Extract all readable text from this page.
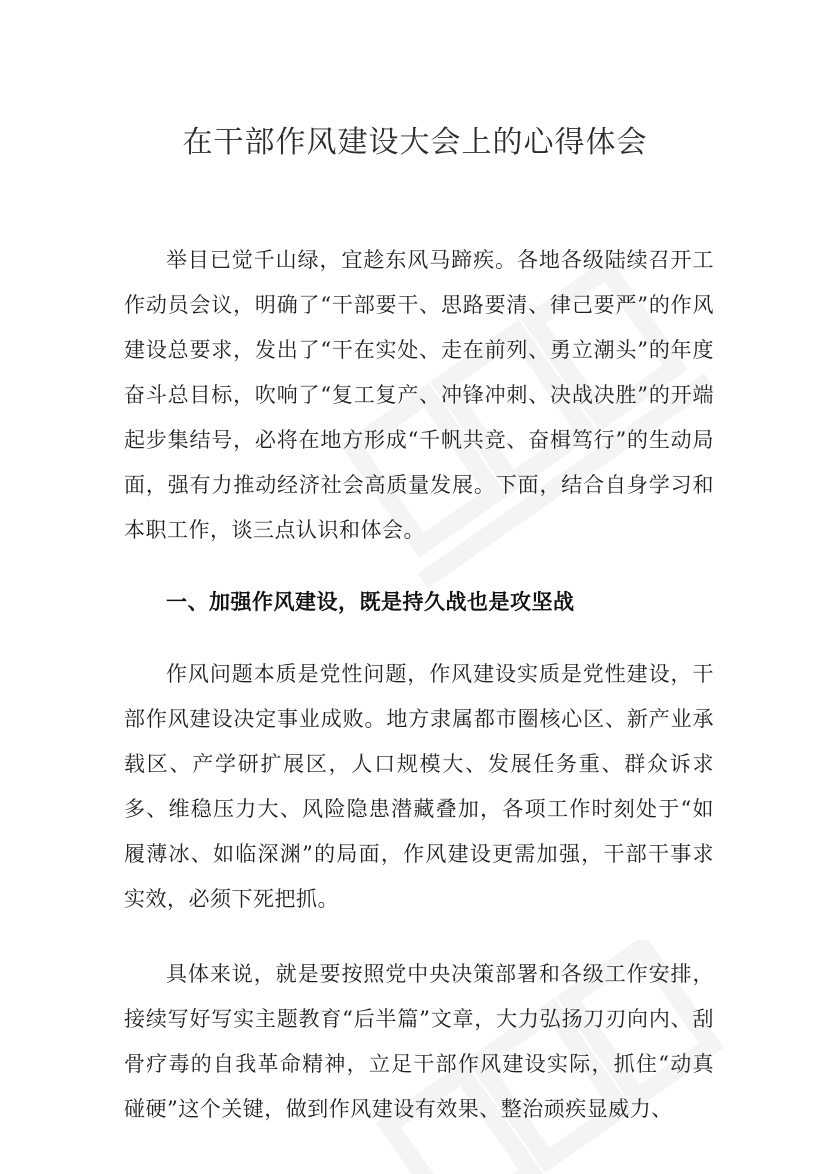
在干部作风建设大会上的心得体会

举目已觉千山绿，宜趁东风马蹄疾。各地各级陆续召开工作动员会议，明确了“干部要干、思路要清、律己要严”的作风建设总要求，发出了“干在实处、走在前列、勇立潮头”的年度奋斗总目标，吹响了“复工复产、冲锋冲刺、决战决胜”的开端起步集结号，必将在地方形成“千帆共竞、奋楫笃行”的生动局面，强有力推动经济社会高质量发展。下面，结合自身学习和本职工作，谈三点认识和体会。

一、加强作风建设，既是持久战也是攻坚战

作风问题本质是党性问题，作风建设实质是党性建设，干部作风建设决定事业成败。地方隶属都市圈核心区、新产业承载区、产学研扩展区，人口规模大、发展任务重、群众诉求多、维稳压力大、风险隐患潜藏叠加，各项工作时刻处于“如履薄冰、如临深渊”的局面，作风建设更需加强，干部干事求实效，必须下死把抓。

具体来说，就是要按照党中央决策部署和各级工作安排，接续写好写实主题教育“后半篇”文章，大力弘扬刀刃向内、刮骨疗毒的自我革命精神，立足干部作风建设实际，抓住“动真碰硬”这个关键，做到作风建设有效果、整治顽疾显威力、
